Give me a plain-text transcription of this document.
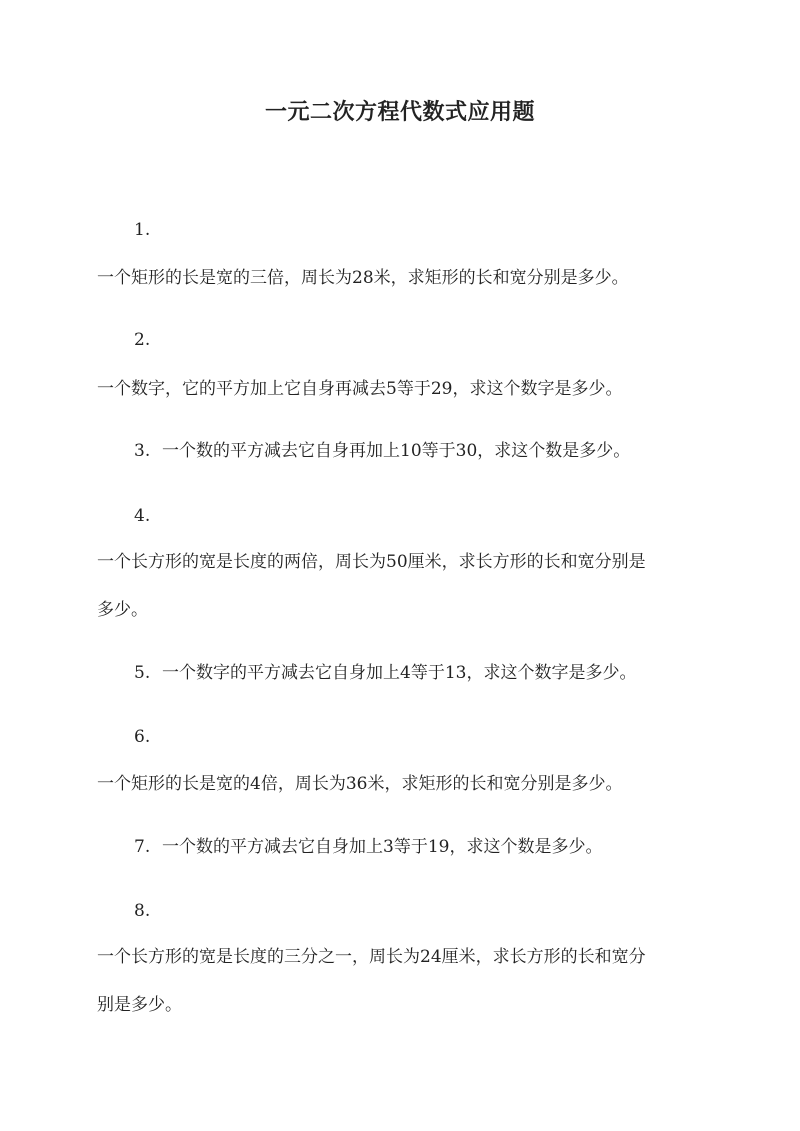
一元二次方程代数式应用题
1.
一个矩形的长是宽的三倍，周长为28米，求矩形的长和宽分别是多少。
2.
一个数字，它的平方加上它自身再减去5等于29，求这个数字是多少。
3. 一个数的平方减去它自身再加上10等于30，求这个数是多少。
4.
一个长方形的宽是长度的两倍，周长为50厘米，求长方形的长和宽分别是
多少。
5. 一个数字的平方减去它自身加上4等于13，求这个数字是多少。
6.
一个矩形的长是宽的4倍，周长为36米，求矩形的长和宽分别是多少。
7. 一个数的平方减去它自身加上3等于19，求这个数是多少。
8.
一个长方形的宽是长度的三分之一，周长为24厘米，求长方形的长和宽分
别是多少。
